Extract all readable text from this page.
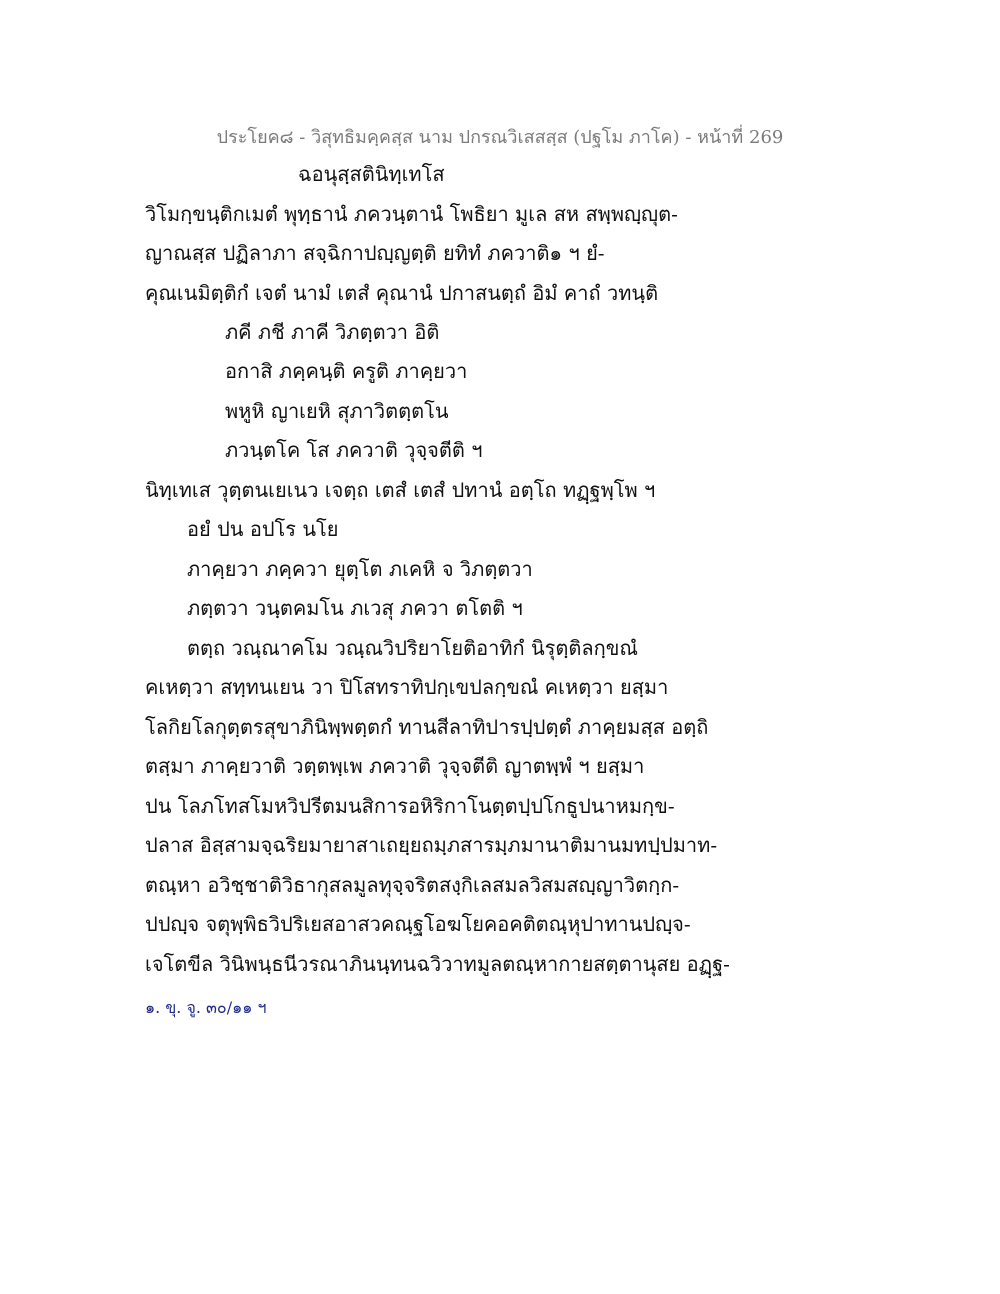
ประโยค๘ - วิสุทธิมคฺคสฺส นาม ปกรณวิเสสสฺส (ปฐโม ภาโค) - หน้าที่ 269
ฉอนุสฺสตินิทฺเทโส
วิโมกฺขนฺติกเมตํ พุทฺธานํ ภควนฺตานํ โพธิยา มูเล สห สพฺพญฺญุต-
ญาณสฺส ปฏิลาภา สจฺฉิกาปญฺญตฺติ ยทิทํ ภควาติ๑ ฯ ยํ-
คุณเนมิตฺติกํ เจตํ นามํ เตสํ คุณานํ ปกาสนตฺถํ อิมํ คาถํ วทนฺติ
ภคี ภชี ภาคี วิภตฺตวา อิติ
อกาสิ ภคฺคนฺติ ครูติ ภาคฺยวา
พหูหิ ญาเยหิ สุภาวิตตฺตโน
ภวนฺตโค โส ภควาติ วุจฺจตีติ ฯ
นิทฺเทเส วุตฺตนเยเนว เจตฺถ เตสํ เตสํ ปทานํ อตฺโถ ทฏฺฐพฺโพ ฯ
อยํ ปน อปโร นโย
ภาคฺยวา ภคฺควา ยุตฺโต ภเคหิ จ วิภตฺตวา
ภตฺตวา วนฺตคมโน ภเวสุ ภควา ตโตติ ฯ
ตตฺถ วณฺณาคโม วณฺณวิปริยาโยติอาทิกํ นิรุตฺติลกฺขณํ
คเหตฺวา สทฺทนเยน วา ปิโสทราทิปกฺเขปลกฺขณํ คเหตฺวา ยสฺมา
โลกิยโลกุตฺตรสุขาภินิพฺพตฺตกํ ทานสีลาทิปารปฺปตฺตํ ภาคฺยมสฺส อตฺถิ
ตสฺมา ภาคฺยวาติ วตฺตพฺเพ ภควาติ วุจฺจตีติ ญาตพฺพํ ฯ ยสฺมา
ปน โลภโทสโมหวิปรีตมนสิการอหิริกาโนตฺตปฺปโกธูปนาหมกฺข-
ปลาส อิสฺสามจฺฉริยมายาสาเถยฺยถมฺภสารมฺภมานาติมานมทปฺปมาท-
ตณฺหา อวิชฺชาติวิธากุสลมูลทุจฺจริตสงฺกิเลสมลวิสมสญฺญาวิตกฺก-
ปปญฺจ จตุพฺพิธวิปริเยสอาสวคณฺฐโอฆโยคอคติตณฺหุปาทานปญฺจ-
เจโตขีล วินิพนฺธนีวรณาภินนฺทนฉวิวาทมูลตณฺหากายสตฺตานุสย อฏฺฐ-
๑. ขุ. จู. ๓๐/๑๑ ฯ
